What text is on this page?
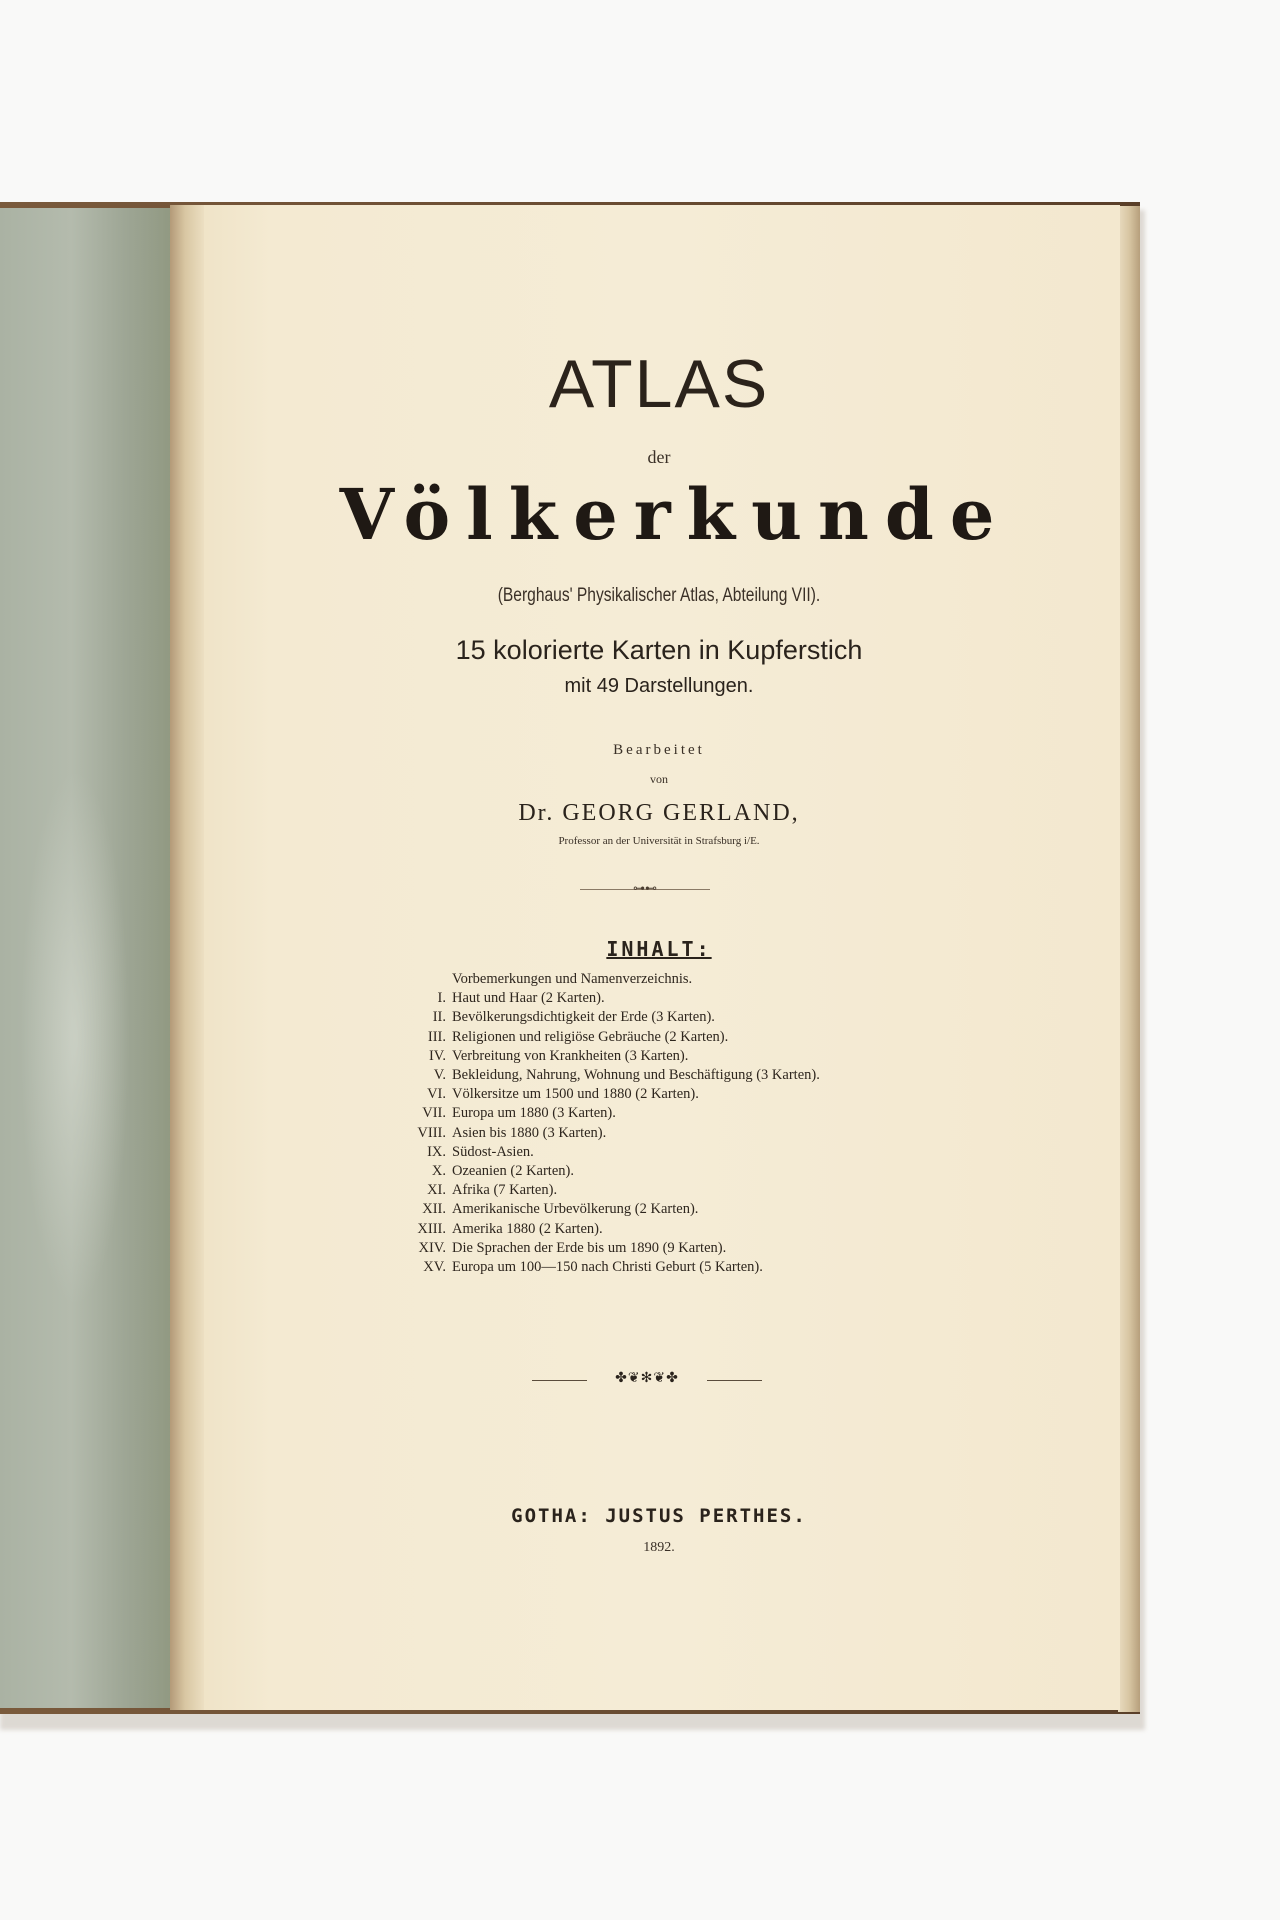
ATLAS
der
Völkerkunde
(Berghaus' Physikalischer Atlas, Abteilung VII).
15 kolorierte Karten in Kupferstich
mit 49 Darstellungen.
Bearbeitet
von
Dr. GEORG GERLAND,
Professor an der Universität in Strafsburg i/E.
⊶⊷
INHALT:
Vorbemerkungen und Namenverzeichnis.
I. Haut und Haar (2 Karten).
II. Bevölkerungsdichtigkeit der Erde (3 Karten).
III. Religionen und religiöse Gebräuche (2 Karten).
IV. Verbreitung von Krankheiten (3 Karten).
V. Bekleidung, Nahrung, Wohnung und Beschäftigung (3 Karten).
VI. Völkersitze um 1500 und 1880 (2 Karten).
VII. Europa um 1880 (3 Karten).
VIII. Asien bis 1880 (3 Karten).
IX. Südost-Asien.
X. Ozeanien (2 Karten).
XI. Afrika (7 Karten).
XII. Amerikanische Urbevölkerung (2 Karten).
XIII. Amerika 1880 (2 Karten).
XIV. Die Sprachen der Erde bis um 1890 (9 Karten).
XV. Europa um 100—150 nach Christi Geburt (5 Karten).
✤❦✻❦✤
GOTHA: JUSTUS PERTHES.
1892.
